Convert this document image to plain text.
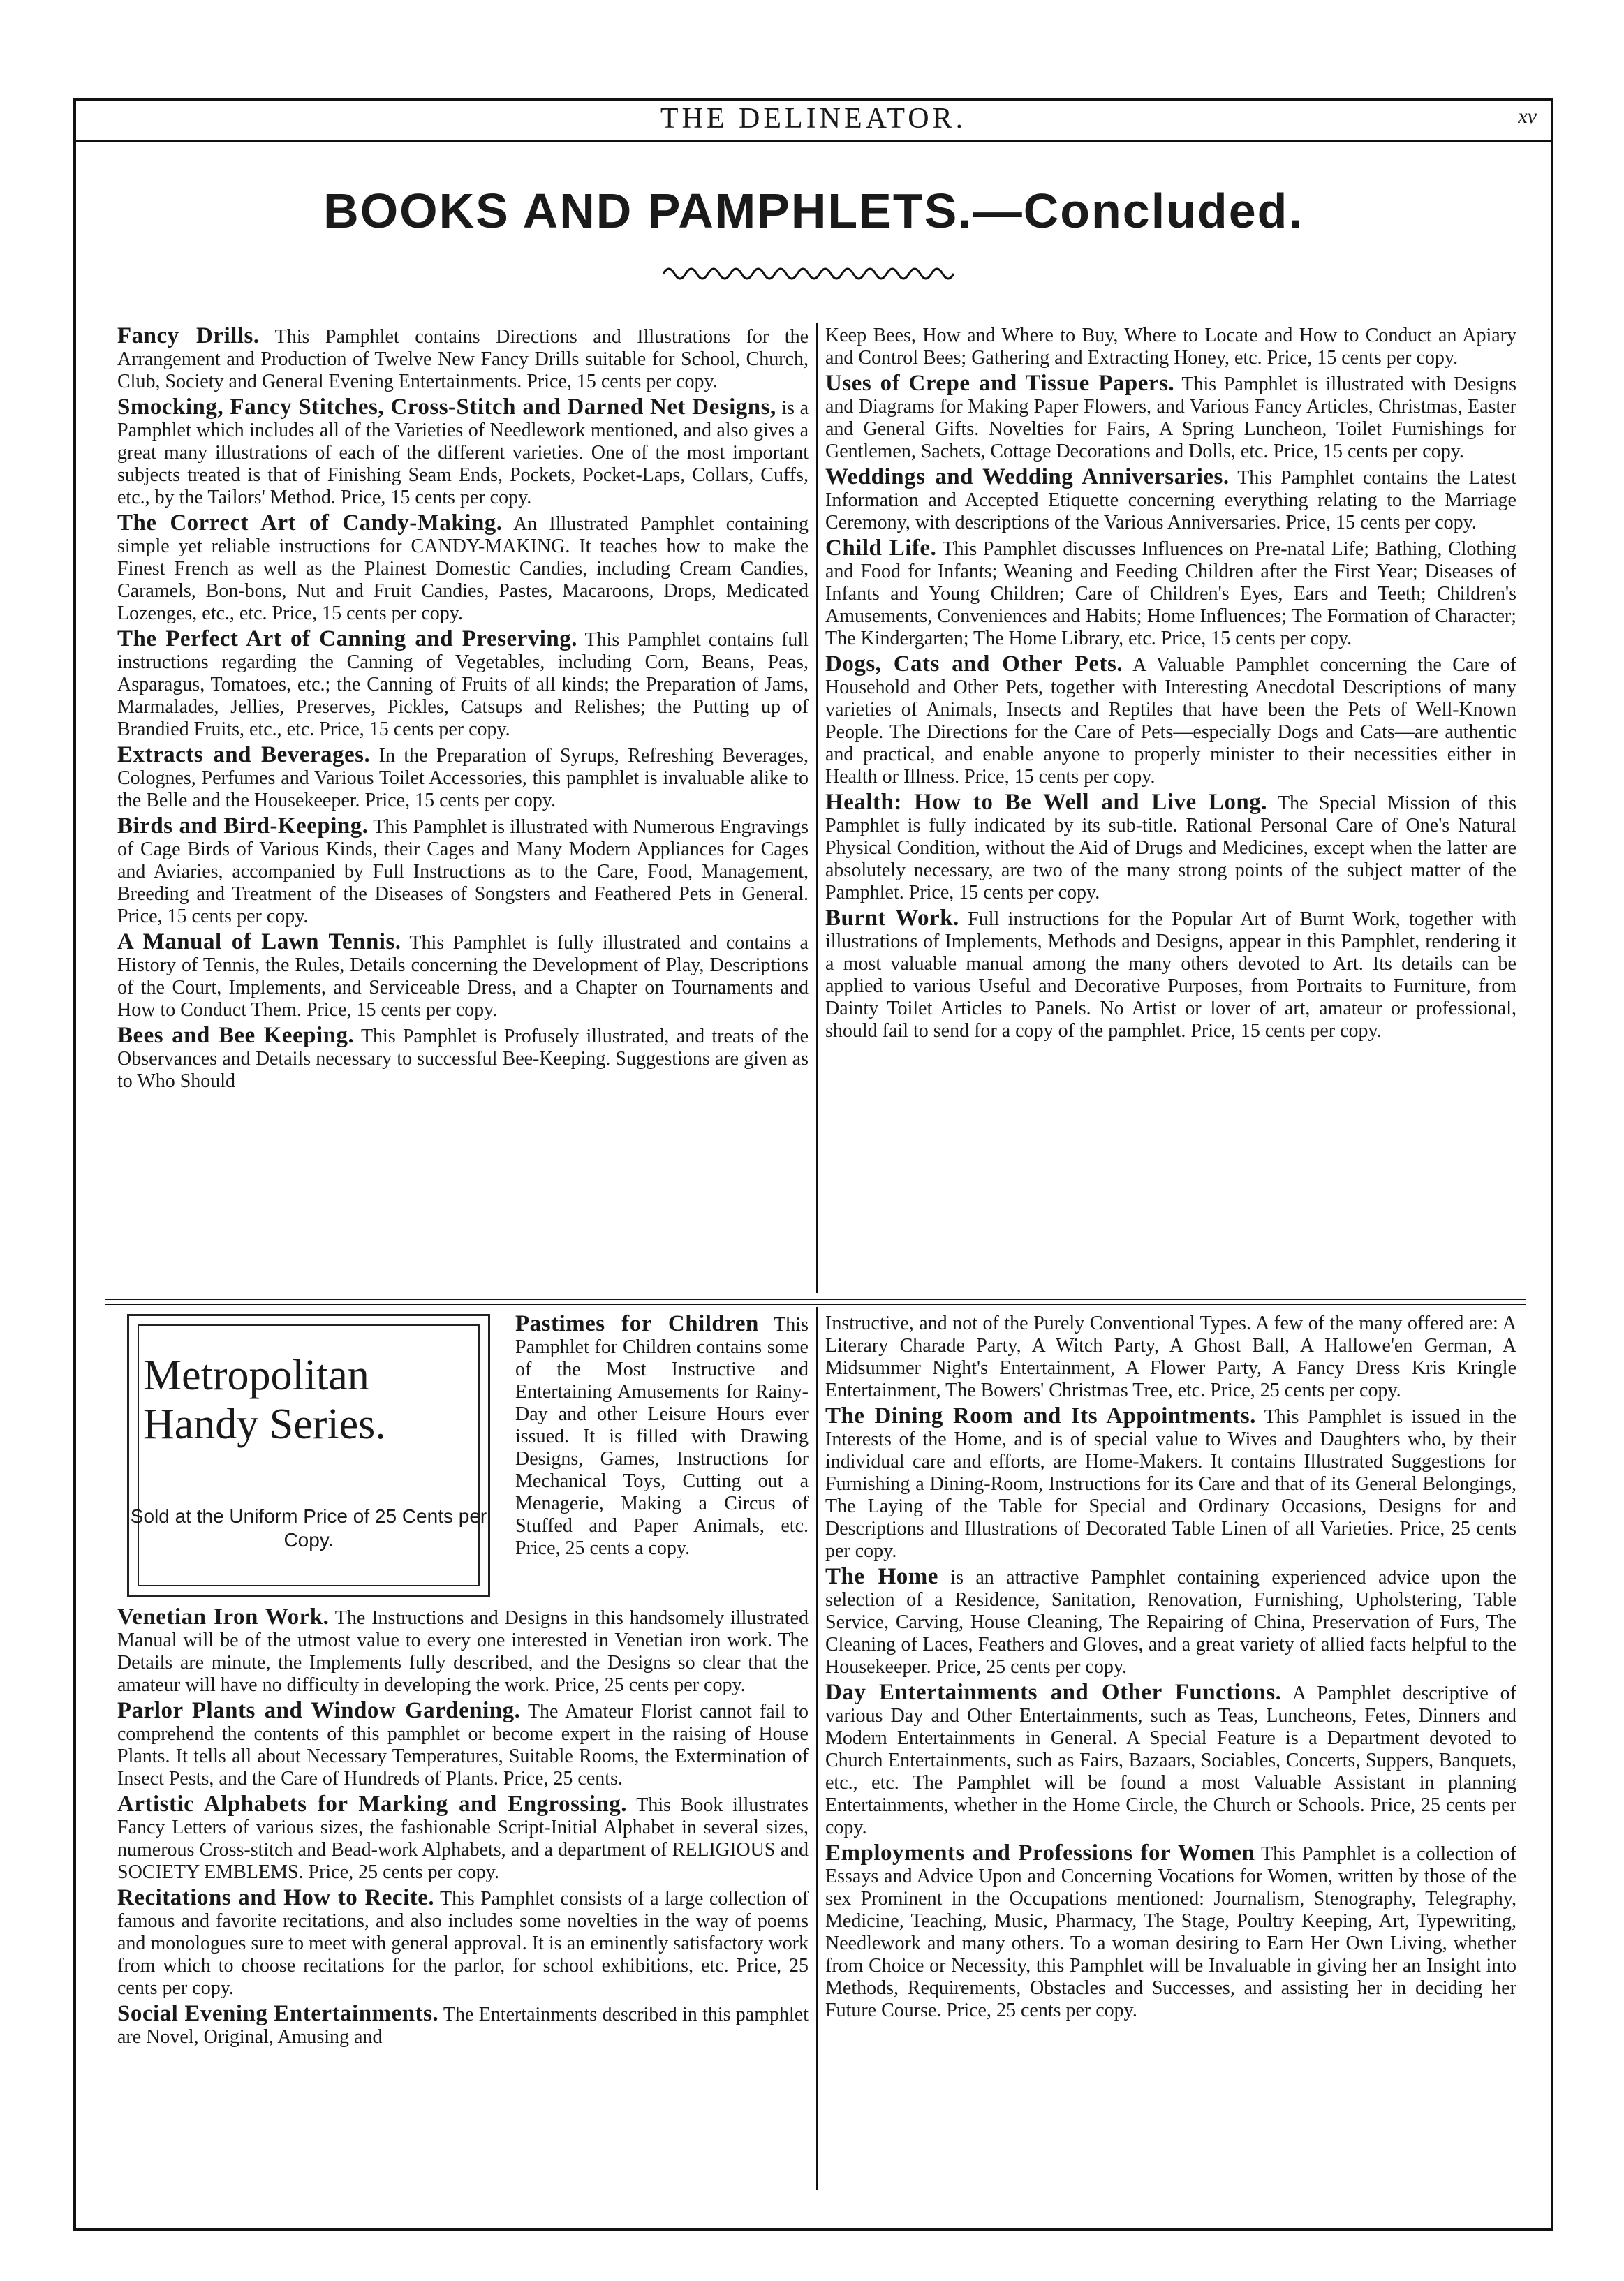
THE DELINEATOR.	xv
BOOKS AND PAMPHLETS.—Concluded.

Fancy Drills. This Pamphlet contains Directions and Illustrations for the Arrangement and Production of Twelve New Fancy Drills suitable for School, Church, Club, Society and General Evening Entertainments. Price, 15 cents per copy.

Smocking, Fancy Stitches, Cross-Stitch and Darned Net Designs, is a Pamphlet which includes all of the Varieties of Needlework mentioned, and also gives a great many illustrations of each of the different varieties. One of the most important subjects treated is that of Finishing Seam Ends, Pockets, Pocket-Laps, Collars, Cuffs, etc., by the Tailors' Method. Price, 15 cents per copy.

The Correct Art of Candy-Making. An Illustrated Pamphlet containing simple yet reliable instructions for CANDY-MAKING. It teaches how to make the Finest French as well as the Plainest Domestic Candies, including Cream Candies, Caramels, Bon-bons, Nut and Fruit Candies, Pastes, Macaroons, Drops, Medicated Lozenges, etc., etc. Price, 15 cents per copy.

The Perfect Art of Canning and Preserving. This Pamphlet contains full instructions regarding the Canning of Vegetables, including Corn, Beans, Peas, Asparagus, Tomatoes, etc.; the Canning of Fruits of all kinds; the Preparation of Jams, Marmalades, Jellies, Preserves, Pickles, Catsups and Relishes; the Putting up of Brandied Fruits, etc., etc. Price, 15 cents per copy.

Extracts and Beverages. In the Preparation of Syrups, Refreshing Beverages, Colognes, Perfumes and Various Toilet Accessories, this pamphlet is invaluable alike to the Belle and the Housekeeper. Price, 15 cents per copy.

Birds and Bird-Keeping. This Pamphlet is illustrated with Numerous Engravings of Cage Birds of Various Kinds, their Cages and Many Modern Appliances for Cages and Aviaries, accompanied by Full Instructions as to the Care, Food, Management, Breeding and Treatment of the Diseases of Songsters and Feathered Pets in General. Price, 15 cents per copy.

A Manual of Lawn Tennis. This Pamphlet is fully illustrated and contains a History of Tennis, the Rules, Details concerning the Development of Play, Descriptions of the Court, Implements, and Serviceable Dress, and a Chapter on Tournaments and How to Conduct Them. Price, 15 cents per copy.

Bees and Bee Keeping. This Pamphlet is Profusely illustrated, and treats of the Observances and Details necessary to successful Bee-Keeping. Suggestions are given as to Who Should

Keep Bees, How and Where to Buy, Where to Locate and How to Conduct an Apiary and Control Bees; Gathering and Extracting Honey, etc. Price, 15 cents per copy.

Uses of Crepe and Tissue Papers. This Pamphlet is illustrated with Designs and Diagrams for Making Paper Flowers, and Various Fancy Articles, Christmas, Easter and General Gifts. Novelties for Fairs, A Spring Luncheon, Toilet Furnishings for Gentlemen, Sachets, Cottage Decorations and Dolls, etc. Price, 15 cents per copy.

Weddings and Wedding Anniversaries. This Pamphlet contains the Latest Information and Accepted Etiquette concerning everything relating to the Marriage Ceremony, with descriptions of the Various Anniversaries. Price, 15 cents per copy.

Child Life. This Pamphlet discusses Influences on Pre-natal Life; Bathing, Clothing and Food for Infants; Weaning and Feeding Children after the First Year; Diseases of Infants and Young Children; Care of Children's Eyes, Ears and Teeth; Children's Amusements, Conveniences and Habits; Home Influences; The Formation of Character; The Kindergarten; The Home Library, etc. Price, 15 cents per copy.

Dogs, Cats and Other Pets. A Valuable Pamphlet concerning the Care of Household and Other Pets, together with Interesting Anecdotal Descriptions of many varieties of Animals, Insects and Reptiles that have been the Pets of Well-Known People. The Directions for the Care of Pets—especially Dogs and Cats—are authentic and practical, and enable anyone to properly minister to their necessities either in Health or Illness. Price, 15 cents per copy.

Health: How to Be Well and Live Long. The Special Mission of this Pamphlet is fully indicated by its sub-title. Rational Personal Care of One's Natural Physical Condition, without the Aid of Drugs and Medicines, except when the latter are absolutely necessary, are two of the many strong points of the subject matter of the Pamphlet. Price, 15 cents per copy.

Burnt Work. Full instructions for the Popular Art of Burnt Work, together with illustrations of Implements, Methods and Designs, appear in this Pamphlet, rendering it a most valuable manual among the many others devoted to Art. Its details can be applied to various Useful and Decorative Purposes, from Portraits to Furniture, from Dainty Toilet Articles to Panels. No Artist or lover of art, amateur or professional, should fail to send for a copy of the pamphlet. Price, 15 cents per copy.

Metropolitan Handy Series.
Sold at the Uniform Price of 25 Cents per Copy.

Pastimes for Children This Pamphlet for Children contains some of the Most Instructive and Entertaining Amusements for Rainy-Day and other Leisure Hours ever issued. It is filled with Drawing Designs, Games, Instructions for Mechanical Toys, Cutting out a Menagerie, Making a Circus of Stuffed and Paper Animals, etc. Price, 25 cents a copy.

Venetian Iron Work. The Instructions and Designs in this handsomely illustrated Manual will be of the utmost value to every one interested in Venetian iron work. The Details are minute, the Implements fully described, and the Designs so clear that the amateur will have no difficulty in developing the work. Price, 25 cents per copy.

Parlor Plants and Window Gardening. The Amateur Florist cannot fail to comprehend the contents of this pamphlet or become expert in the raising of House Plants. It tells all about Necessary Temperatures, Suitable Rooms, the Extermination of Insect Pests, and the Care of Hundreds of Plants. Price, 25 cents.

Artistic Alphabets for Marking and Engrossing. This Book illustrates Fancy Letters of various sizes, the fashionable Script-Initial Alphabet in several sizes, numerous Cross-stitch and Bead-work Alphabets, and a department of RELIGIOUS and SOCIETY EMBLEMS. Price, 25 cents per copy.

Recitations and How to Recite. This Pamphlet consists of a large collection of famous and favorite recitations, and also includes some novelties in the way of poems and monologues sure to meet with general approval. It is an eminently satisfactory work from which to choose recitations for the parlor, for school exhibitions, etc. Price, 25 cents per copy.

Social Evening Entertainments. The Entertainments described in this pamphlet are Novel, Original, Amusing and

Instructive, and not of the Purely Conventional Types. A few of the many offered are: A Literary Charade Party, A Witch Party, A Ghost Ball, A Hallowe'en German, A Midsummer Night's Entertainment, A Flower Party, A Fancy Dress Kris Kringle Entertainment, The Bowers' Christmas Tree, etc. Price, 25 cents per copy.

The Dining Room and Its Appointments. This Pamphlet is issued in the Interests of the Home, and is of special value to Wives and Daughters who, by their individual care and efforts, are Home-Makers. It contains Illustrated Suggestions for Furnishing a Dining-Room, Instructions for its Care and that of its General Belongings, The Laying of the Table for Special and Ordinary Occasions, Designs for and Descriptions and Illustrations of Decorated Table Linen of all Varieties. Price, 25 cents per copy.

The Home is an attractive Pamphlet containing experienced advice upon the selection of a Residence, Sanitation, Renovation, Furnishing, Upholstering, Table Service, Carving, House Cleaning, The Repairing of China, Preservation of Furs, The Cleaning of Laces, Feathers and Gloves, and a great variety of allied facts helpful to the Housekeeper. Price, 25 cents per copy.

Day Entertainments and Other Functions. A Pamphlet descriptive of various Day and Other Entertainments, such as Teas, Luncheons, Fetes, Dinners and Modern Entertainments in General. A Special Feature is a Department devoted to Church Entertainments, such as Fairs, Bazaars, Sociables, Concerts, Suppers, Banquets, etc., etc. The Pamphlet will be found a most Valuable Assistant in planning Entertainments, whether in the Home Circle, the Church or Schools. Price, 25 cents per copy.

Employments and Professions for Women This Pamphlet is a collection of Essays and Advice Upon and Concerning Vocations for Women, written by those of the sex Prominent in the Occupations mentioned: Journalism, Stenography, Telegraphy, Medicine, Teaching, Music, Pharmacy, The Stage, Poultry Keeping, Art, Typewriting, Needlework and many others. To a woman desiring to Earn Her Own Living, whether from Choice or Necessity, this Pamphlet will be Invaluable in giving her an Insight into Methods, Requirements, Obstacles and Successes, and assisting her in deciding her Future Course. Price, 25 cents per copy.
